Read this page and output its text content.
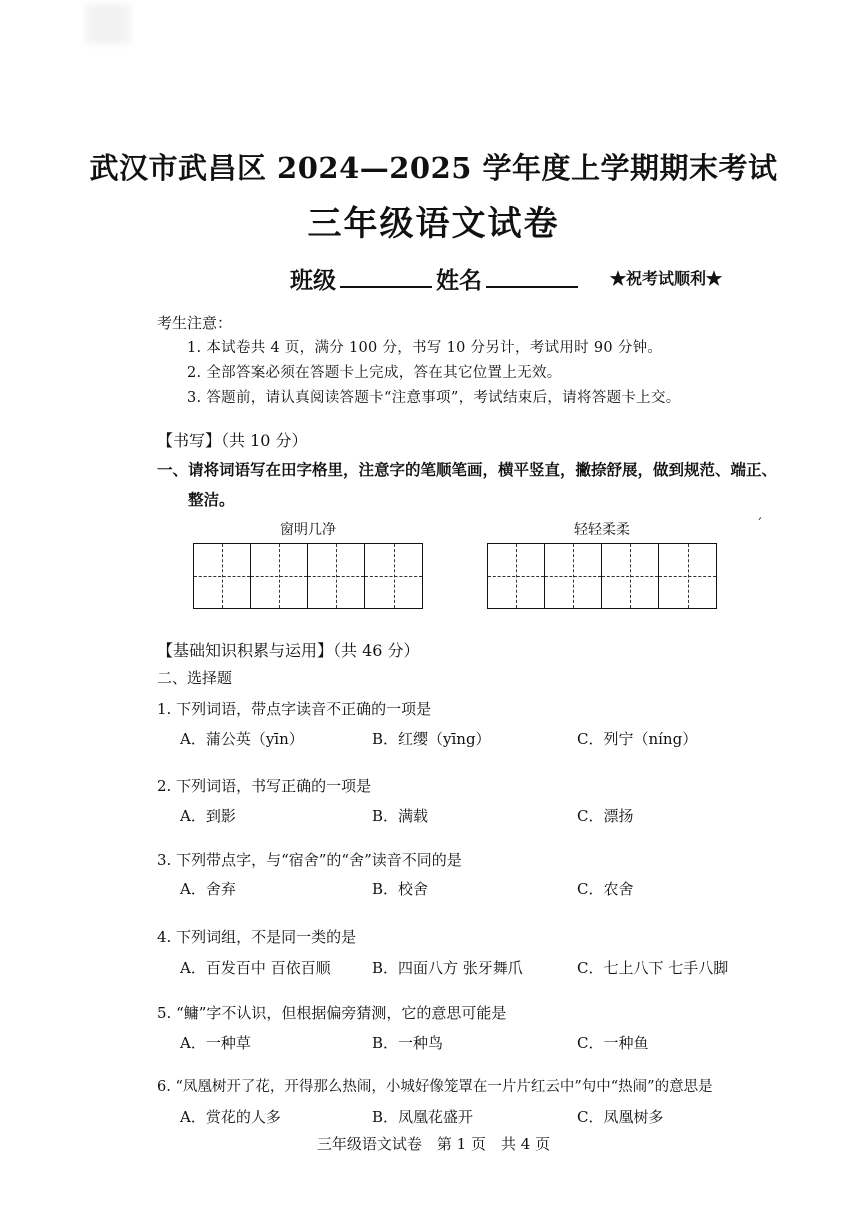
武汉市武昌区 2024—2025 学年度上学期期末考试
三年级语文试卷
班级	姓名	★祝考试顺利★
考生注意：
1. 本试卷共 4 页，满分 100 分，书写 10 分另计，考试用时 90 分钟。
2. 全部答案必须在答题卡上完成，答在其它位置上无效。
3. 答题前，请认真阅读答题卡“注意事项”，考试结束后，请将答题卡上交。
【书写】（共 10 分）
一、请将词语写在田字格里，注意字的笔顺笔画，横平竖直，撇捺舒展，做到规范、端正、
整洁。
窗明几净	轻轻柔柔	ˊ
【基础知识积累与运用】（共 46 分）
二、选择题
1. 下列词语，带点字读音不正确的一项是
A．蒲公英（yīn）	B．红缨（yīng）	C．列宁（níng）
2. 下列词语，书写正确的一项是
A．到影	B．满载	C．漂扬
3. 下列带点字，与“宿舍”的“舍”读音不同的是
A．舍弃	B．校舍	C．农舍
4. 下列词组，不是同一类的是
A．百发百中 百依百顺	B．四面八方 张牙舞爪	C．七上八下 七手八脚
5. “鳙”字不认识，但根据偏旁猜测，它的意思可能是
A．一种草	B．一种鸟	C．一种鱼
6. “凤凰树开了花，开得那么热闹，小城好像笼罩在一片片红云中”句中“热闹”的意思是
A．赏花的人多	B．凤凰花盛开	C．凤凰树多
三年级语文试卷　第 1 页　共 4 页
